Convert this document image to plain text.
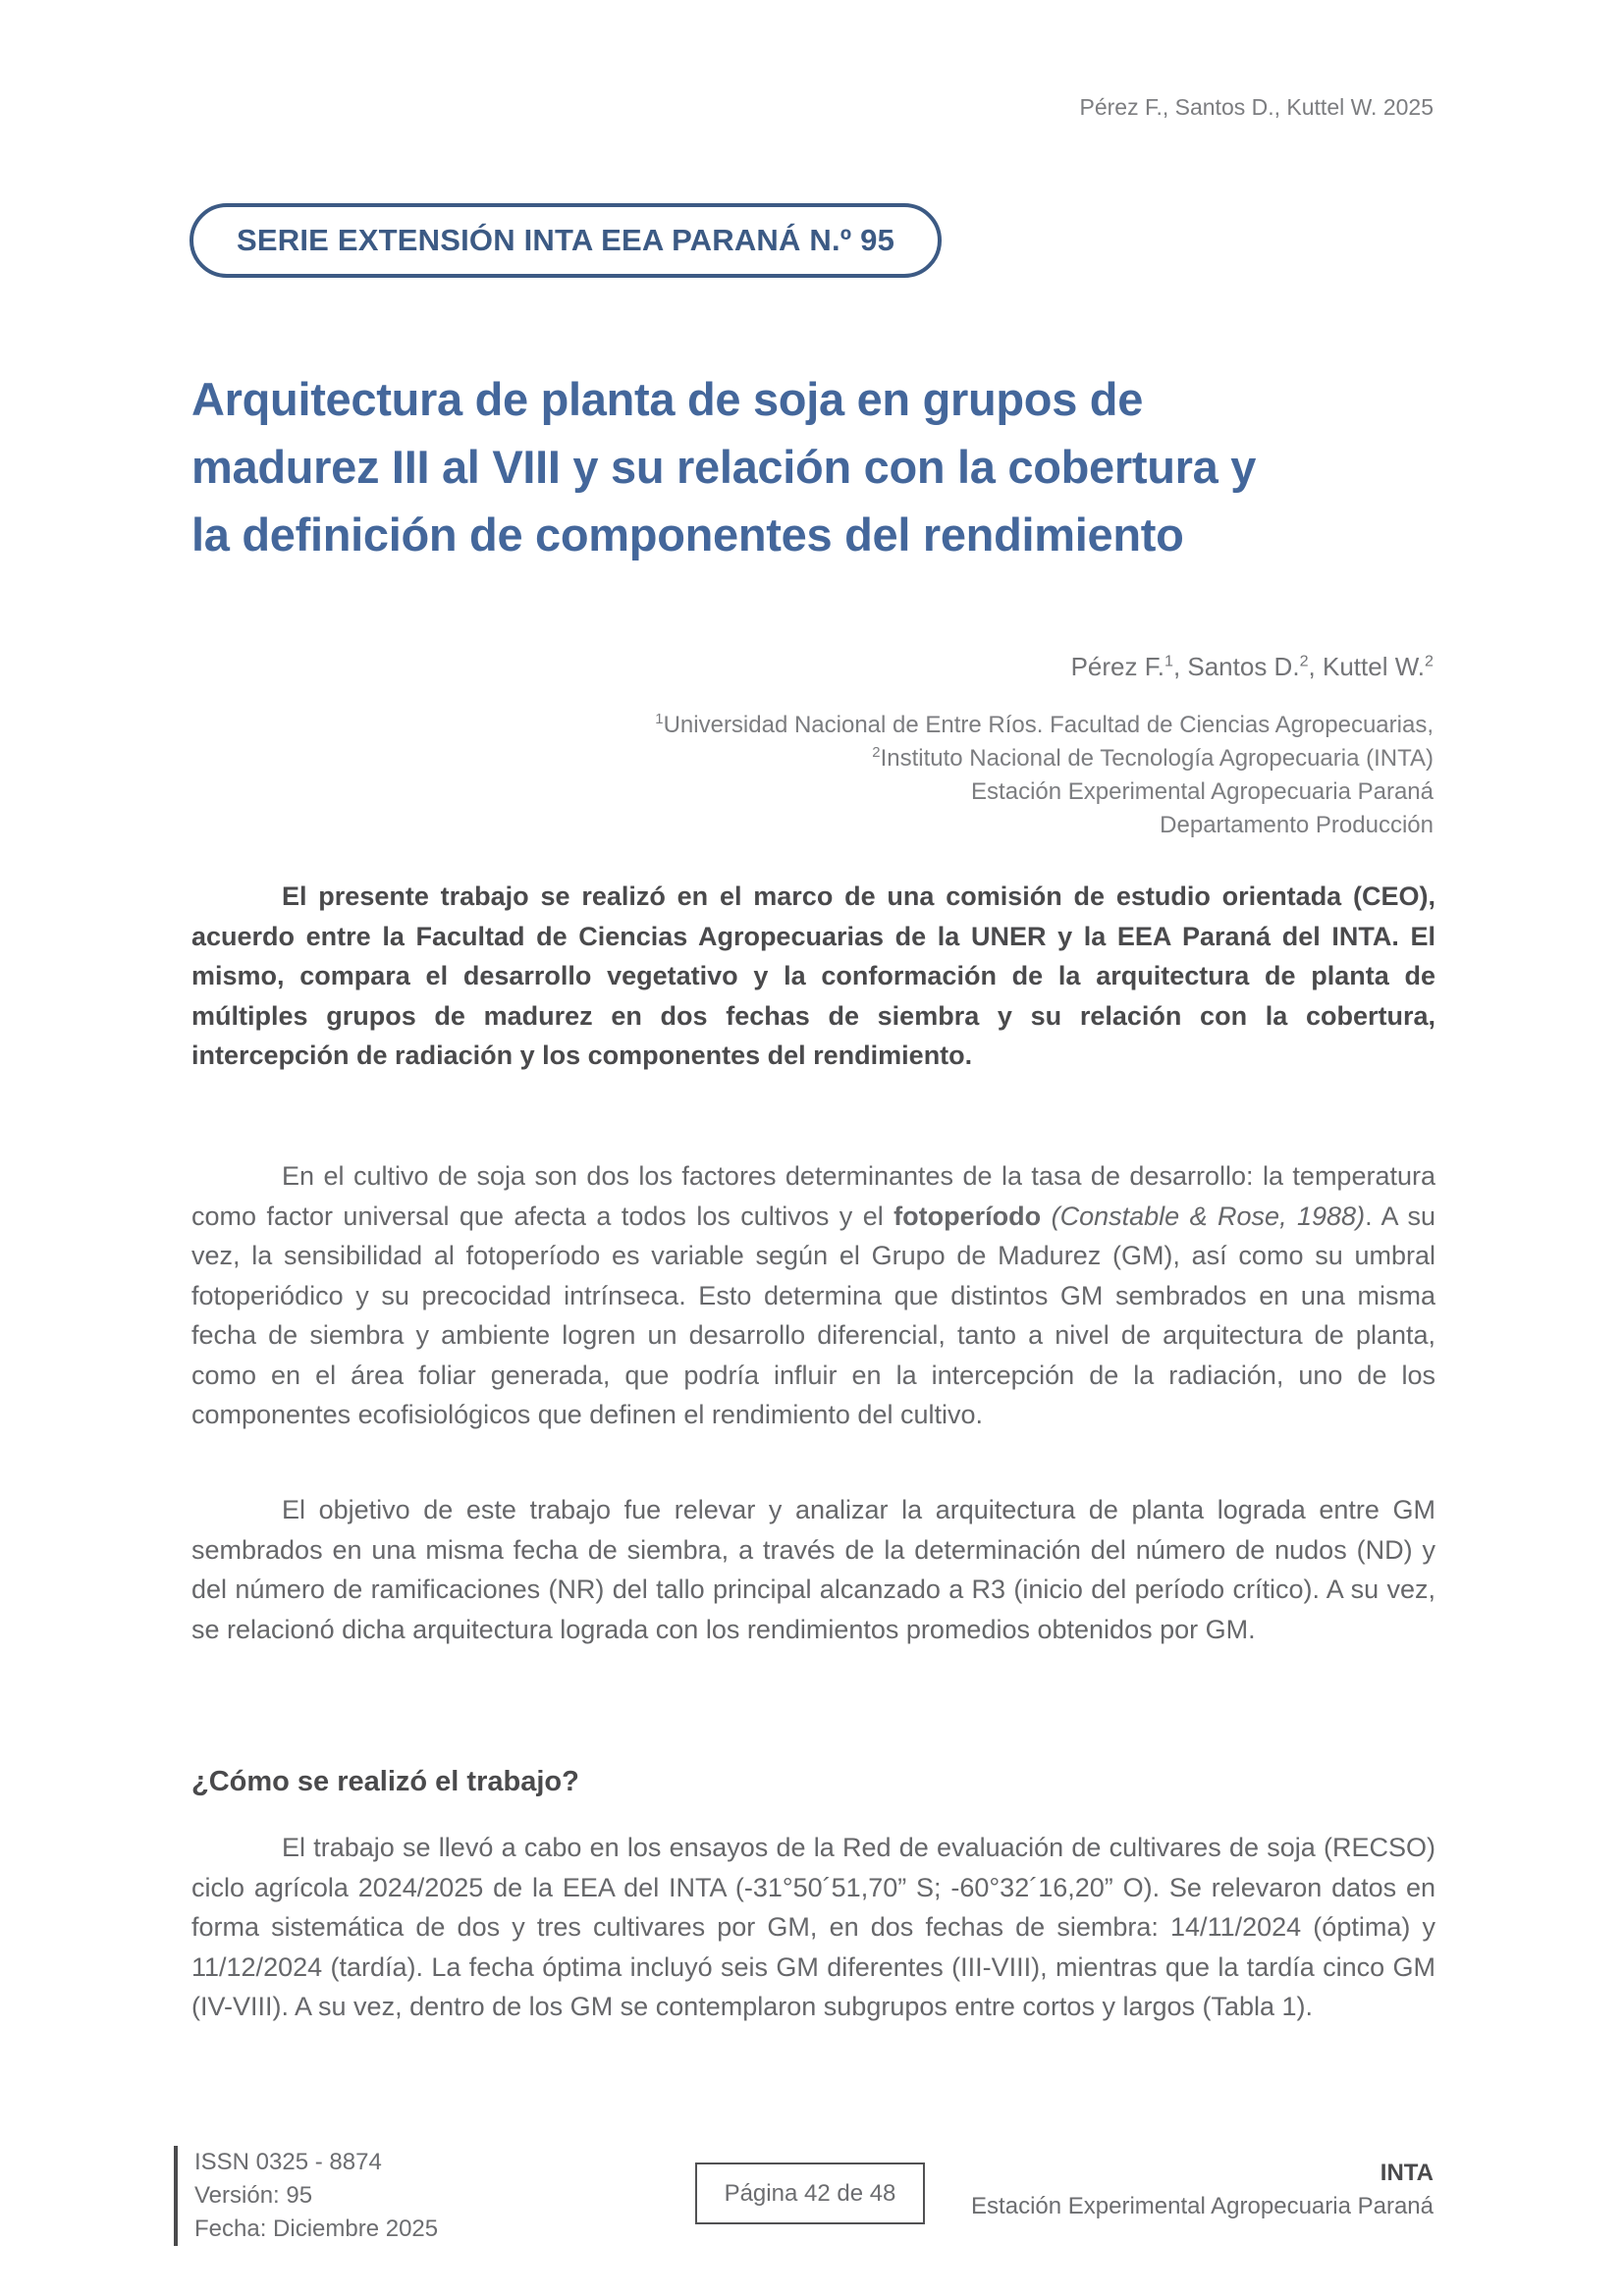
Pérez F., Santos D., Kuttel W. 2025
SERIE EXTENSIÓN INTA EEA PARANÁ N.º 95
Arquitectura de planta de soja en grupos de
madurez III al VIII y su relación con la cobertura y
la definición de componentes del rendimiento
Pérez F.$^1$, Santos D.$^2$, Kuttel W.$^2$
$^1$Universidad Nacional de Entre Ríos. Facultad de Ciencias Agropecuarias,
$^2$Instituto Nacional de Tecnología Agropecuaria (INTA)
Estación Experimental Agropecuaria Paraná
Departamento Producción

El presente trabajo se realizó en el marco de una comisión de estudio orientada (CEO), acuerdo entre la Facultad de Ciencias Agropecuarias de la UNER y la EEA Paraná del INTA. El mismo, compara el desarrollo vegetativo y la conformación de la arquitectura de planta de múltiples grupos de madurez en dos fechas de siembra y su relación con la cobertura, intercepción de radiación y los componentes del rendimiento.

En el cultivo de soja son dos los factores determinantes de la tasa de desarrollo: la temperatura como factor universal que afecta a todos los cultivos y el fotoperíodo (Constable & Rose, 1988). A su vez, la sensibilidad al fotoperíodo es variable según el Grupo de Madurez (GM), así como su umbral fotoperiódico y su precocidad intrínseca. Esto determina que distintos GM sembrados en una misma fecha de siembra y ambiente logren un desarrollo diferencial, tanto a nivel de arquitectura de planta, como en el área foliar generada, que podría influir en la intercepción de la radiación, uno de los componentes ecofisiológicos que definen el rendimiento del cultivo.

El objetivo de este trabajo fue relevar y analizar la arquitectura de planta lograda entre GM sembrados en una misma fecha de siembra, a través de la determinación del número de nudos (ND) y del número de ramificaciones (NR) del tallo principal alcanzado a R3 (inicio del período crítico). A su vez, se relacionó dicha arquitectura lograda con los rendimientos promedios obtenidos por GM.

¿Cómo se realizó el trabajo?

El trabajo se llevó a cabo en los ensayos de la Red de evaluación de cultivares de soja (RECSO) ciclo agrícola 2024/2025 de la EEA del INTA (-31°50´51,70” S; -60°32´16,20” O). Se relevaron datos en forma sistemática de dos y tres cultivares por GM, en dos fechas de siembra: 14/11/2024 (óptima) y 11/12/2024 (tardía). La fecha óptima incluyó seis GM diferentes (III-VIII), mientras que la tardía cinco GM (IV-VIII). A su vez, dentro de los GM se contemplaron subgrupos entre cortos y largos (Tabla 1).

ISSN 0325 - 8874
Versión: 95
Fecha: Diciembre 2025
Página 42 de 48
INTA
Estación Experimental Agropecuaria Paraná
